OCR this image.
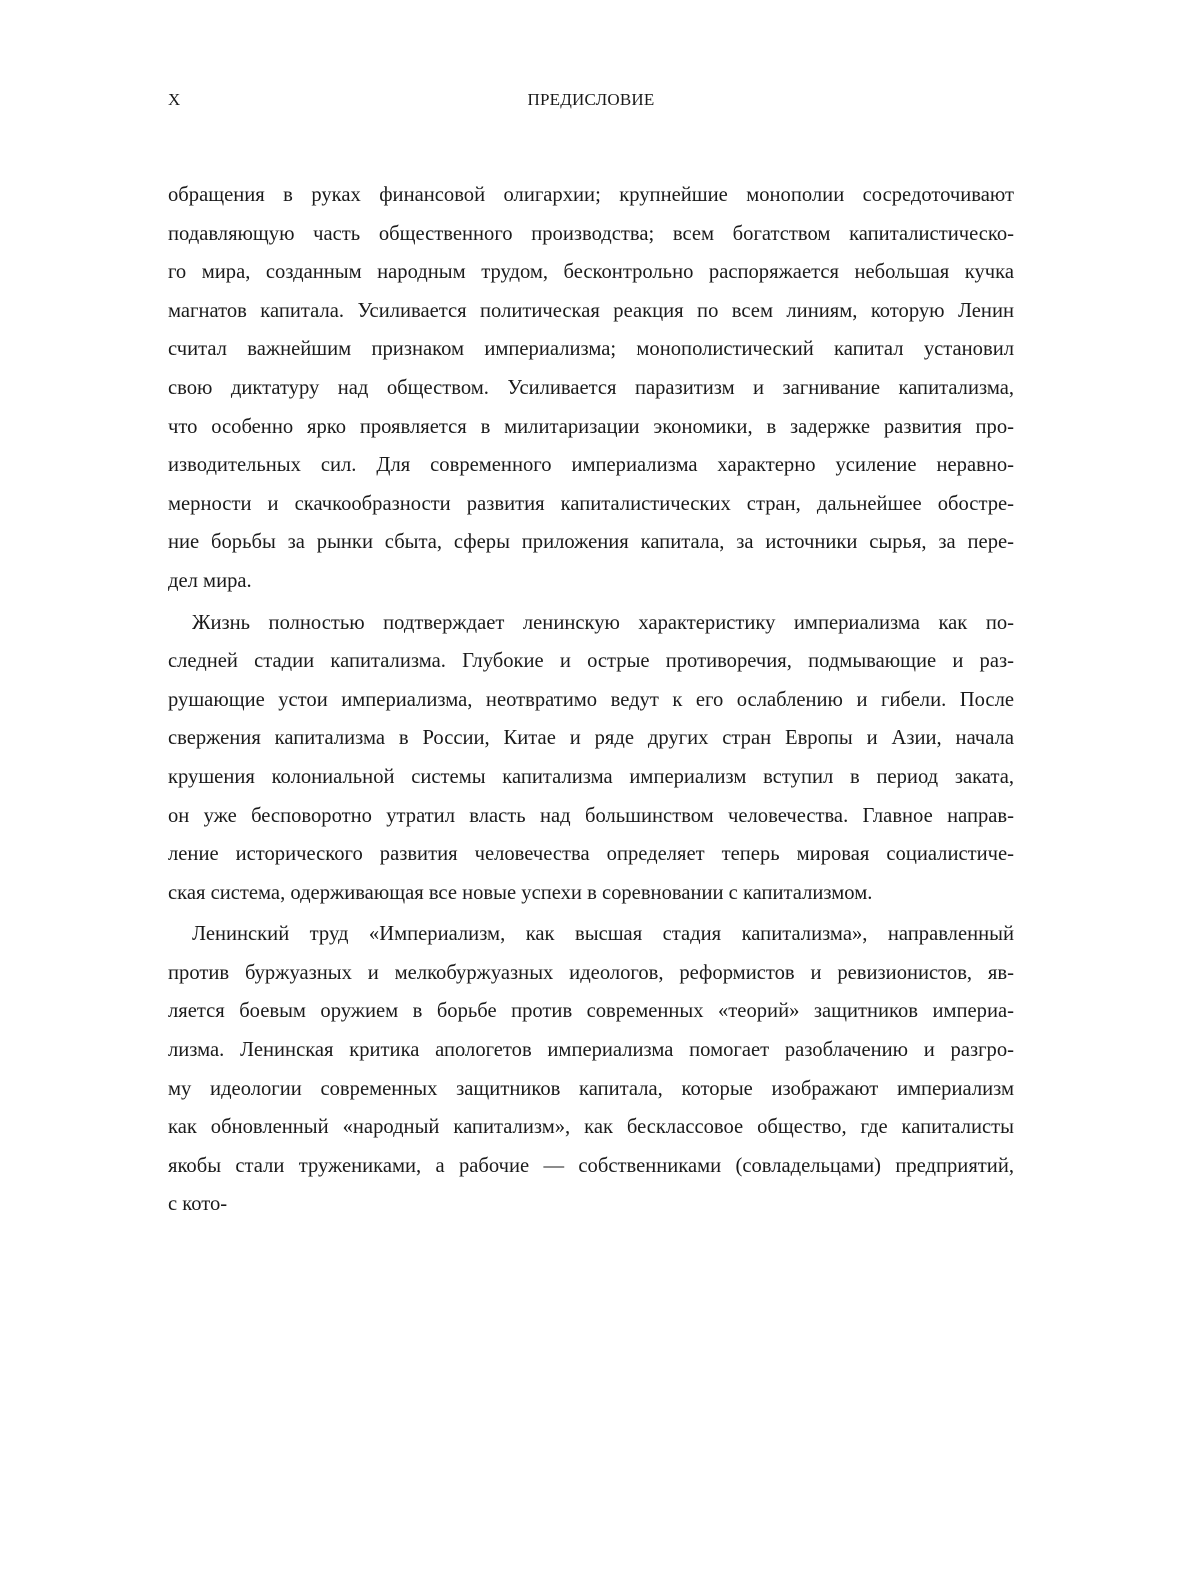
X	ПРЕДИСЛОВИЕ
обращения в руках финансовой олигархии; крупнейшие монополии сосредоточивают
подавляющую часть общественного производства; всем богатством капиталистическо-
го мира, созданным народным трудом, бесконтрольно распоряжается небольшая кучка
магнатов капитала. Усиливается политическая реакция по всем линиям, которую Ленин
считал важнейшим признаком империализма; монополистический капитал установил
свою диктатуру над обществом. Усиливается паразитизм и загнивание капитализма,
что особенно ярко проявляется в милитаризации экономики, в задержке развития про-
изводительных сил. Для современного империализма характерно усиление неравно-
мерности и скачкообразности развития капиталистических стран, дальнейшее обостре-
ние борьбы за рынки сбыта, сферы приложения капитала, за источники сырья, за пере-
дел мира.
Жизнь полностью подтверждает ленинскую характеристику империализма как по-
следней стадии капитализма. Глубокие и острые противоречия, подмывающие и раз-
рушающие устои империализма, неотвратимо ведут к его ослаблению и гибели. После
свержения капитализма в России, Китае и ряде других стран Европы и Азии, начала
крушения колониальной системы капитализма империализм вступил в период заката,
он уже бесповоротно утратил власть над большинством человечества. Главное направ-
ление исторического развития человечества определяет теперь мировая социалистиче-
ская система, одерживающая все новые успехи в соревновании с капитализмом.
Ленинский труд «Империализм, как высшая стадия капитализма», направленный
против буржуазных и мелкобуржуазных идеологов, реформистов и ревизионистов, яв-
ляется боевым оружием в борьбе против современных «теорий» защитников империа-
лизма. Ленинская критика апологетов империализма помогает разоблачению и разгро-
му идеологии современных защитников капитала, которые изображают империализм
как обновленный «народный капитализм», как бесклассовое общество, где капиталисты
якобы стали тружениками, а рабочие — собственниками (совладельцами) предприятий,
с кото-
